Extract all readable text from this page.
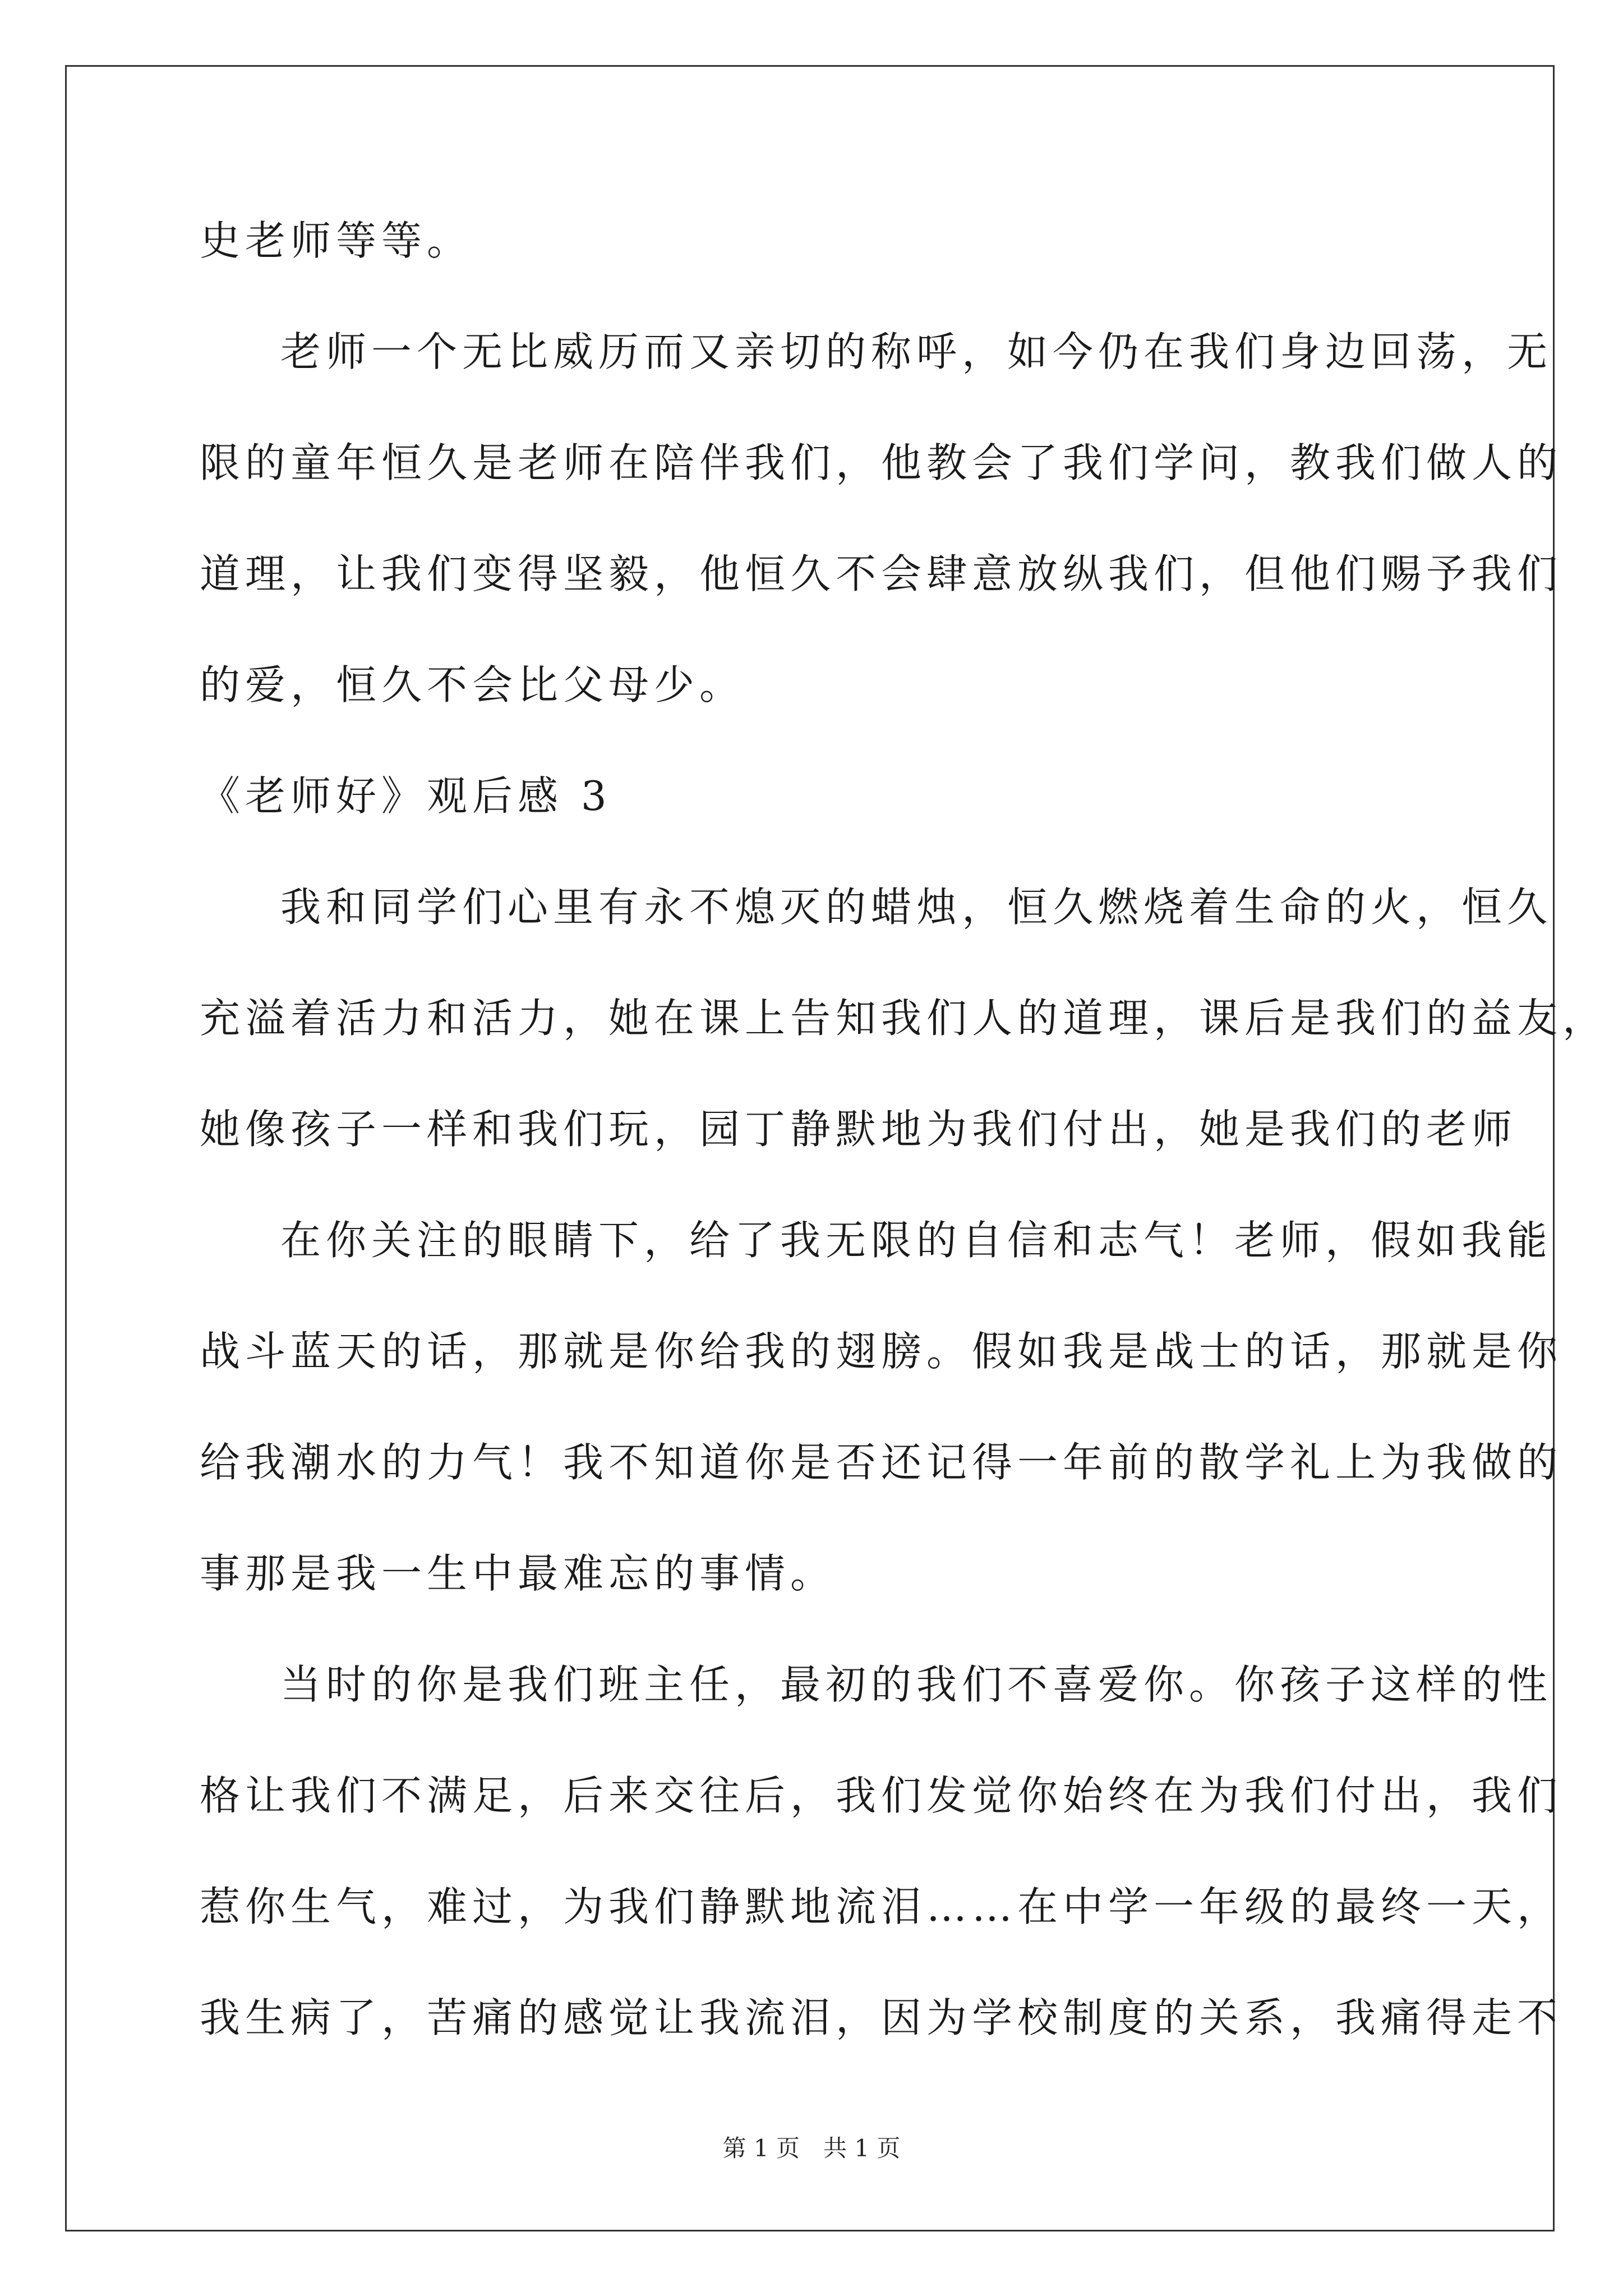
史老师等等。
老师一个无比威历而又亲切的称呼，如今仍在我们身边回荡，无
限的童年恒久是老师在陪伴我们，他教会了我们学问，教我们做人的
道理，让我们变得坚毅，他恒久不会肆意放纵我们，但他们赐予我们
的爱，恒久不会比父母少。
《老师好》观后感 3
我和同学们心里有永不熄灭的蜡烛，恒久燃烧着生命的火，恒久
充溢着活力和活力，她在课上告知我们人的道理，课后是我们的益友，
她像孩子一样和我们玩，园丁静默地为我们付出，她是我们的老师
在你关注的眼睛下，给了我无限的自信和志气！老师，假如我能
战斗蓝天的话，那就是你给我的翅膀。假如我是战士的话，那就是你
给我潮水的力气！我不知道你是否还记得一年前的散学礼上为我做的
事那是我一生中最难忘的事情。
当时的你是我们班主任，最初的我们不喜爱你。你孩子这样的性
格让我们不满足，后来交往后，我们发觉你始终在为我们付出，我们
惹你生气，难过，为我们静默地流泪……在中学一年级的最终一天，
我生病了，苦痛的感觉让我流泪，因为学校制度的关系，我痛得走不
第 1 页　共 1 页
